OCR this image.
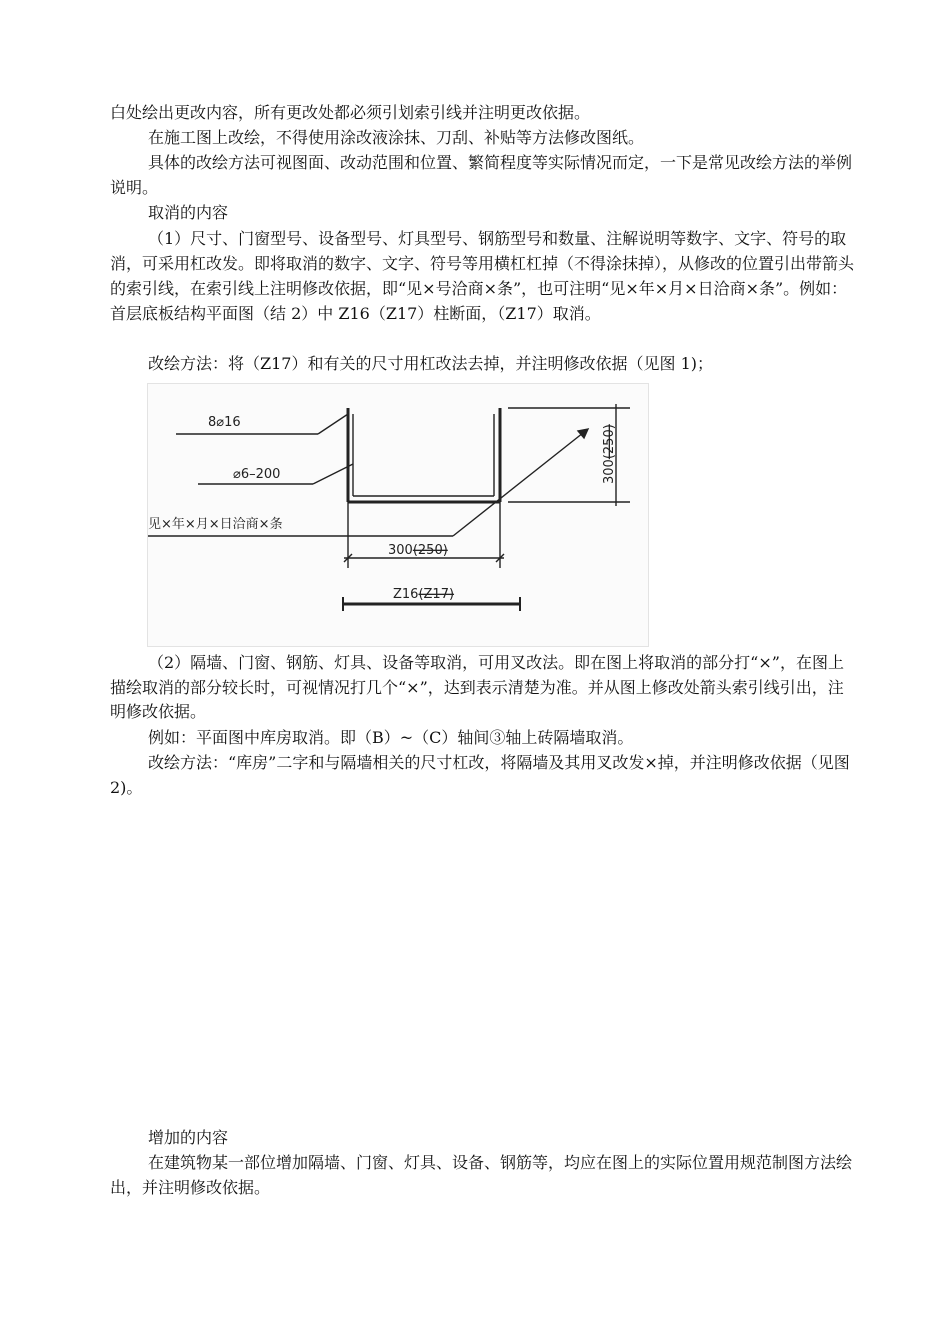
白处绘出更改内容，所有更改处都必须引划索引线并注明更改依据。

在施工图上改绘，不得使用涂改液涂抹、刀刮、补贴等方法修改图纸。

具体的改绘方法可视图面、改动范围和位置、繁简程度等实际情况而定，一下是常见改绘方法的举例说明。

取消的内容

（1）尺寸、门窗型号、设备型号、灯具型号、钢筋型号和数量、注解说明等数字、文字、符号的取消，可采用杠改发。即将取消的数字、文字、符号等用横杠杠掉（不得涂抹掉），从修改的位置引出带箭头的索引线，在索引线上注明修改依据，即“见×号洽商×条”，也可注明“见×年×月×日洽商×条”。例如：首层底板结构平面图（结 2）中 Z16（Z17）柱断面，（Z17）取消。

改绘方法：将（Z17）和有关的尺寸用杠改法去掉，并注明修改依据（见图 1)；

8⌀16
⌀6–200
见×年×月×日洽商×条
300(250)
300(250)
Z16(Z17)

（2）隔墙、门窗、钢筋、灯具、设备等取消，可用叉改法。即在图上将取消的部分打“×”，在图上描绘取消的部分较长时，可视情况打几个“×”，达到表示清楚为准。并从图上修改处箭头索引线引出，注明修改依据。

例如：平面图中库房取消。即（B）~（C）轴间③轴上砖隔墙取消。

改绘方法：“库房”二字和与隔墙相关的尺寸杠改，将隔墙及其用叉改发×掉，并注明修改依据（见图 2)。

增加的内容

在建筑物某一部位增加隔墙、门窗、灯具、设备、钢筋等，均应在图上的实际位置用规范制图方法绘出，并注明修改依据。
